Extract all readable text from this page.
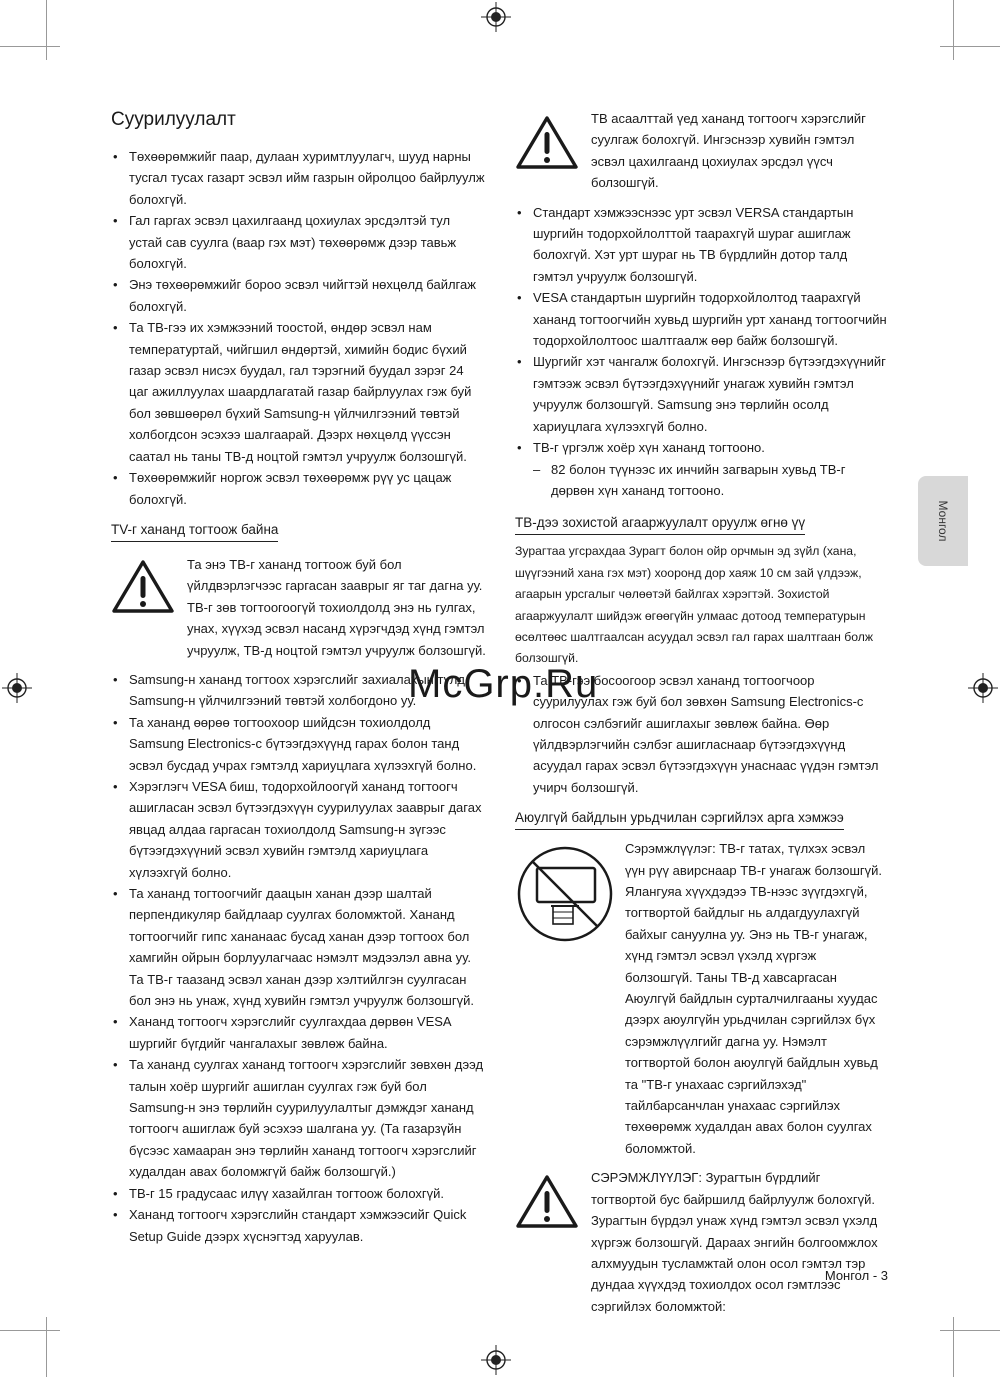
Суурилуулалт
• Төхөөрөмжийг паар, дулаан хуримтлуулагч, шууд нарны тусгал тусах газарт эсвэл ийм газрын ойролцоо байрлуулж болохгүй.
• Гал гаргах эсвэл цахилгаанд цохиулах эрсдэлтэй тул устай сав суулга (ваар гэх мэт) төхөөрөмж дээр тавьж болохгүй.
• Энэ төхөөрөмжийг бороо эсвэл чийгтэй нөхцөлд байлгаж болохгүй.
• Та ТВ-гээ их хэмжээний тоостой, өндөр эсвэл нам температуртай, чийгшил өндөртэй, химийн бодис бүхий газар эсвэл нисэх буудал, гал тэрэгний буудал зэрэг 24 цаг ажиллуулах шаардлагатай газар байрлуулах гэж буй бол зөвшөөрөл бүхий Samsung-н үйлчилгээний төвтэй холбогдсон эсэхээ шалгаарай. Дээрх нөхцөлд үүссэн саатал нь таны ТВ-д ноцтой гэмтэл учруулж болзошгүй.
• Төхөөрөмжийг норгож эсвэл төхөөрөмж рүү ус цацаж болохгүй.
TV-г хананд тогтоож байна

Та энэ ТВ-г хананд тогтоож буй бол үйлдвэрлэгчээс гаргасан зааврыг яг таг дагна уу. ТВ-г зөв тогтоогоогүй тохиолдолд энэ нь гулгах, унах, хүүхэд эсвэл насанд хүрэгчдэд хүнд гэмтэл учруулж, ТВ-д ноцтой гэмтэл учруулж болзошгүй.

• Samsung-н хананд тогтоох хэрэгслийг захиалахын тулд Samsung-н үйлчилгээний төвтэй холбогдоно уу.
• Та хананд өөрөө тогтоохоор шийдсэн тохиолдолд Samsung Electronics-с бүтээгдэхүүнд гарах болон танд эсвэл бусдад учрах гэмтэлд хариуцлага хүлээхгүй болно.
• Хэрэглэгч VESA биш, тодорхойлоогүй хананд тогтоогч ашигласан эсвэл бүтээгдэхүүн суурилуулах зааврыг дагах явцад алдаа гаргасан тохиолдолд Samsung-н зүгээс бүтээгдэхүүний эсвэл хувийн гэмтэлд хариуцлага хүлээхгүй болно.
• Та хананд тогтоогчийг даацын ханан дээр шалтай перпендикуляр байдлаар суулгах боломжтой. Хананд тогтоогчийг гипс хананаас бусад ханан дээр тогтоох бол хамгийн ойрын борлуулагчаас нэмэлт мэдээлэл авна уу. Та ТВ-г таазанд эсвэл ханан дээр хэлтийлгэн суулгасан бол энэ нь унаж, хүнд хувийн гэмтэл учруулж болзошгүй.
• Хананд тогтоогч хэрэгслийг суулгахдаа дөрвөн VESA шургийг бүгдийг чангалахыг зөвлөж байна.
• Та хананд суулгах хананд тогтоогч хэрэгслийг зөвхөн дээд талын хоёр шургийг ашиглан суулгах гэж буй бол Samsung-н энэ төрлийн суурилуулалтыг дэмждэг хананд тогтоогч ашиглаж буй эсэхээ шалгана уу. (Та газарзүйн бүсээс хамааран энэ төрлийн хананд тогтоогч хэрэгслийг худалдан авах боломжгүй байж болзошгүй.)
• ТВ-г 15 градусаас илүү хазайлган тогтоож болохгүй.
• Хананд тогтоогч хэрэгслийн стандарт хэмжээсийг Quick Setup Guide дээрх хүснэгтэд харуулав.

ТВ асаалттай үед хананд тогтоогч хэрэгслийг суулгаж болохгүй. Ингэснээр хувийн гэмтэл эсвэл цахилгаанд цохиулах эрсдэл үүсч болзошгүй.

• Стандарт хэмжээснээс урт эсвэл VERSA стандартын шургийн тодорхойлолттой таарахгүй шураг ашиглаж болохгүй. Хэт урт шураг нь ТВ бүрдлийн дотор талд гэмтэл учруулж болзошгүй.
• VESA стандартын шургийн тодорхойлолтод таарахгүй хананд тогтоогчийн хувьд шургийн урт хананд тогтоогчийн тодорхойлолтоос шалтгаалж өөр байж болзошгүй.
• Шургийг хэт чангалж болохгүй. Ингэснээр бүтээгдэхүүнийг гэмтээж эсвэл бүтээгдэхүүнийг унагаж хувийн гэмтэл учруулж болзошгүй. Samsung энэ төрлийн осолд хариуцлага хүлээхгүй болно.
• ТВ-г үргэлж хоёр хүн хананд тогтооно.
– 82 болон түүнээс их инчийн загварын хувьд ТВ-г дөрвөн хүн хананд тогтооно.
ТВ-дээ зохистой агааржуулалт оруулж өгнө үү

Зурагтаа угсрахдаа Зурагт болон ойр орчмын эд зүйл (хана, шүүгээний хана гэх мэт) хооронд дор хаяж 10 см зай үлдээж, агаарын урсгалыг чөлөөтэй байлгах хэрэгтэй. Зохистой агааржуулалт шийдэж өгөөгүйн улмаас дотоод температурын өсөлтөөс шалтгаалсан асуудал эсвэл гал гарах шалтгаан болж болзошгүй.

• Та ТВ-гээ босоогоор эсвэл хананд тогтоогчоор суурилуулах гэж буй бол зөвхөн Samsung Electronics-с олгосон сэлбэгийг ашиглахыг зөвлөж байна. Өөр үйлдвэрлэгчийн сэлбэг ашигласнаар бүтээгдэхүүнд асуудал гарах эсвэл бүтээгдэхүүн унаснаас үүдэн гэмтэл учирч болзошгүй.
Аюулгүй байдлын урьдчилан сэргийлэх арга хэмжээ

Сэрэмжлүүлэг: ТВ-г татах, түлхэх эсвэл үүн рүү авирснаар ТВ-г унагаж болзошгүй. Ялангуяа хүүхдэдээ ТВ-нээс зүүгдэхгүй, тогтвортой байдлыг нь алдагдуулахгүй байхыг сануулна уу. Энэ нь ТВ-г унагаж, хүнд гэмтэл эсвэл үхэлд хүргэж болзошгүй. Таны ТВ-д хавсаргасан Аюулгүй байдлын сурталчилгааны хуудас дээрх аюулгүйн урьдчилан сэргийлэх бүх сэрэмжлүүлгийг дагна уу. Нэмэлт тогтвортой болон аюулгүй байдлын хувьд та "ТВ-г унахаас сэргийлэхэд" тайлбарсанчлан унахаас сэргийлэх төхөөрөмж худалдан авах болон суулгах боломжтой.

СЭРЭМЖЛҮҮЛЭГ: Зурагтын бүрдлийг тогтвортой бус байршилд байрлуулж болохгүй. Зурагтын бүрдэл унаж хүнд гэмтэл эсвэл үхэлд хүргэж болзошгүй. Дараах энгийн болгоомжлох алхмуудын тусламжтай олон осол гэмтэл тэр дундаа хүүхдэд тохиолдох осол гэмтлээс сэргийлэх боломжтой:

Монгол
McGrp.Ru
Монгол - 3
